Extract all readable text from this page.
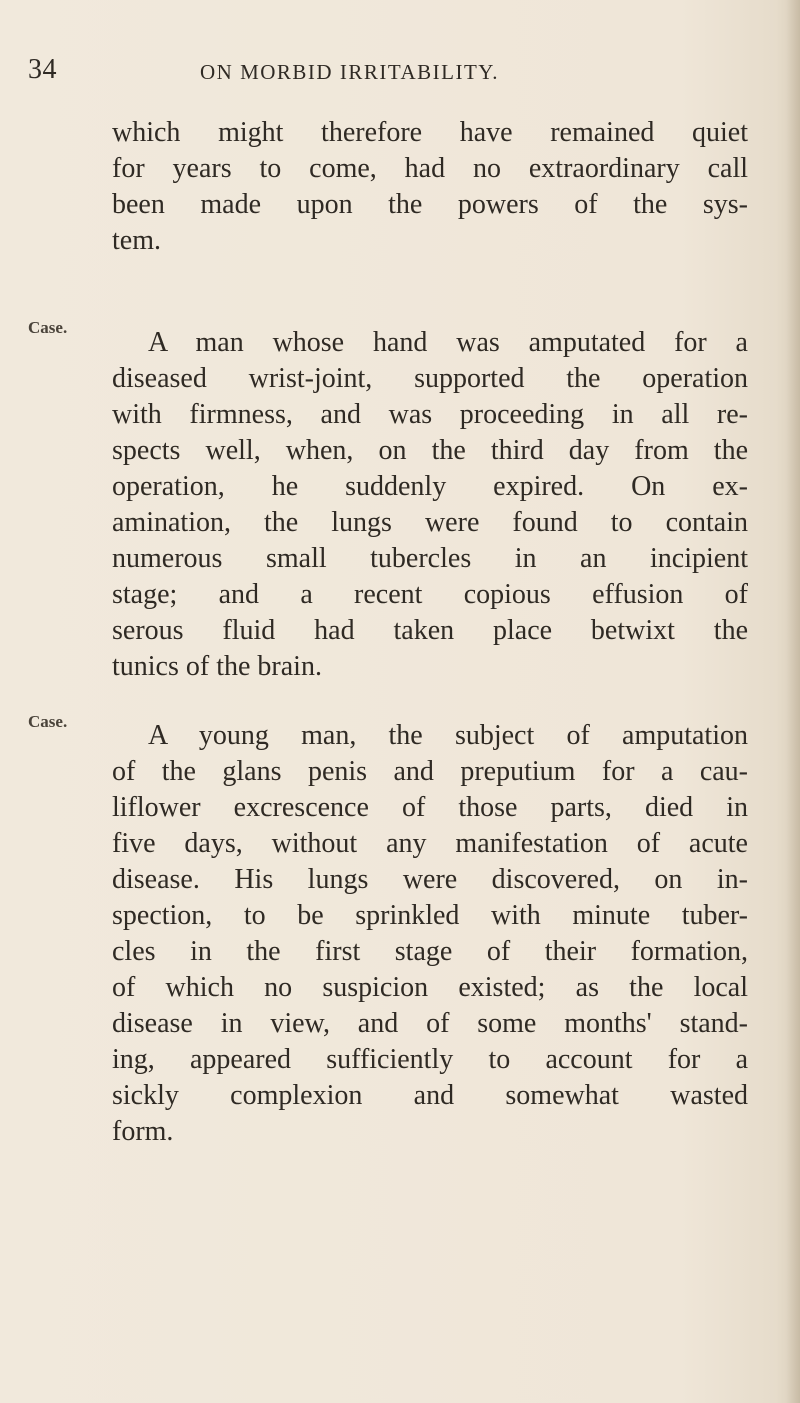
34	ON MORBID IRRITABILITY.
Case.
Case.
which might therefore have remained quiet
for years to come, had no extraordinary call
been made upon the powers of the sys-
tem.
A man whose hand was amputated for a
diseased wrist-joint, supported the operation
with firmness, and was proceeding in all re-
spects well, when, on the third day from the
operation, he suddenly expired. On ex-
amination, the lungs were found to contain
numerous small tubercles in an incipient
stage; and a recent copious effusion of
serous fluid had taken place betwixt the
tunics of the brain.
A young man, the subject of amputation
of the glans penis and preputium for a cau-
liflower excrescence of those parts, died in
five days, without any manifestation of acute
disease. His lungs were discovered, on in-
spection, to be sprinkled with minute tuber-
cles in the first stage of their formation,
of which no suspicion existed; as the local
disease in view, and of some months' stand-
ing, appeared sufficiently to account for a
sickly complexion and somewhat wasted
form.
